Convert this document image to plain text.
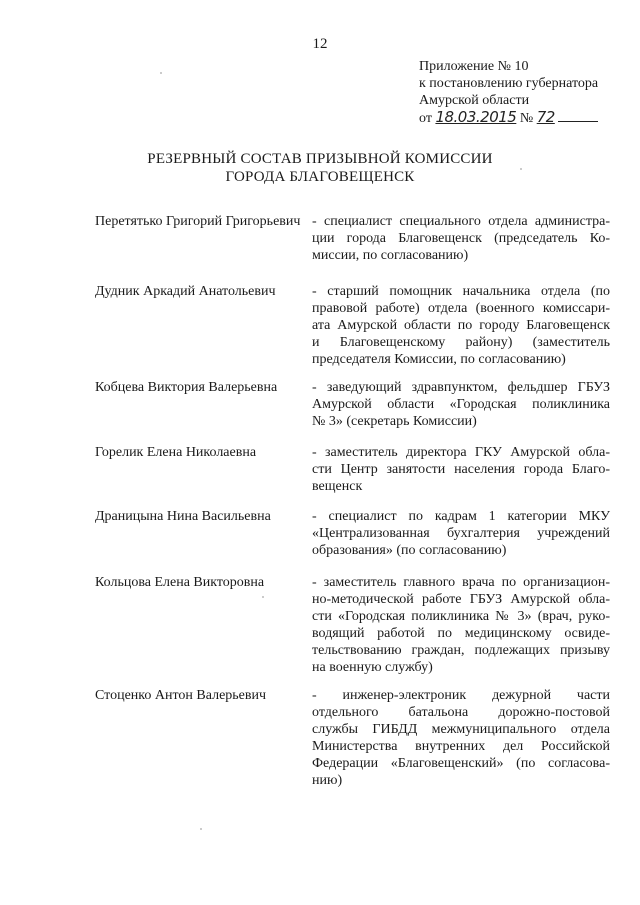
12
Приложение № 10
к постановлению губернатора
Амурской области
от 18.03.2015 № 72
РЕЗЕРВНЫЙ СОСТАВ ПРИЗЫВНОЙ КОМИССИИ
ГОРОДА БЛАГОВЕЩЕНСК
Перетятько Григорий Григорьевич - специалист специального отдела администра-
ции города Благовещенск (председатель Ко-
миссии, по согласованию)
Дудник Аркадий Анатольевич	- старший помощник начальника отдела (по
правовой работе) отдела (военного комиссари-
ата Амурской области по городу Благовещенск
и Благовещенскому району) (заместитель
председателя Комиссии, по согласованию)
Кобцева Виктория Валерьевна	- заведующий здравпунктом, фельдшер ГБУЗ
Амурской области «Городская поликлиника
№ 3» (секретарь Комиссии)
Горелик Елена Николаевна	- заместитель директора ГКУ Амурской обла-
сти Центр занятости населения города Благо-
вещенск
Драницына Нина Васильевна	- специалист по кадрам 1 категории МКУ
«Централизованная бухгалтерия учреждений
образования» (по согласованию)
Кольцова Елена Викторовна	- заместитель главного врача по организацион-
но-методической работе ГБУЗ Амурской обла-
сти «Городская поликлиника № 3» (врач, руко-
водящий работой по медицинскому освиде-
тельствованию граждан, подлежащих призыву
на военную службу)
Стоценко Антон Валерьевич	- инженер-электроник дежурной части
отдельного батальона дорожно-постовой
службы ГИБДД межмуниципального отдела
Министерства внутренних дел Российской
Федерации «Благовещенский» (по согласова-
нию)
